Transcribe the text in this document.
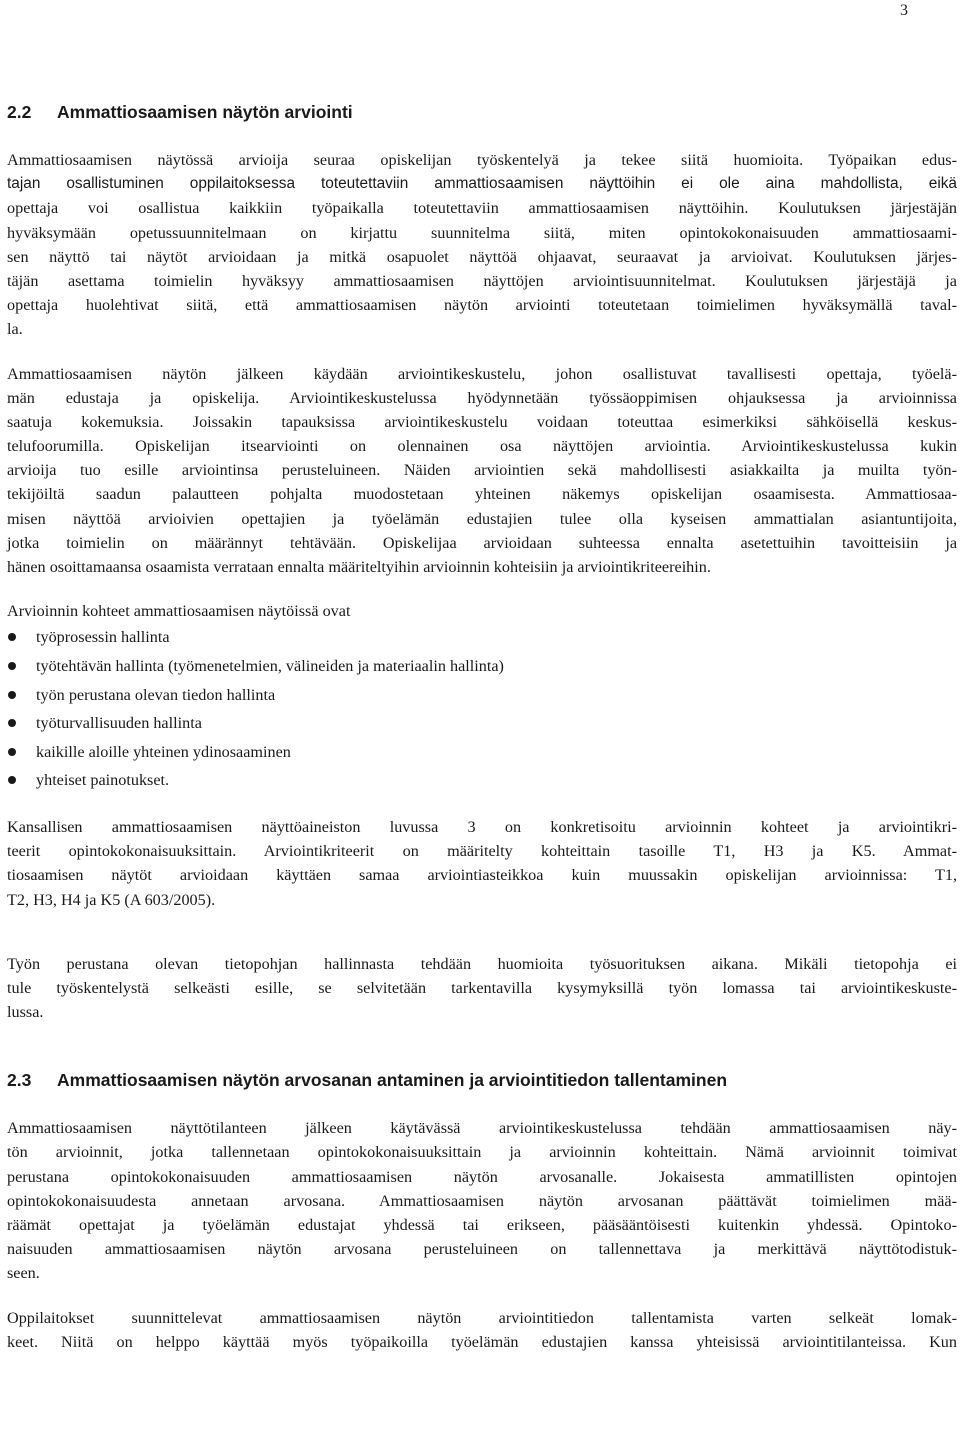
3
2.2 Ammattiosaamisen näytön arviointi
Ammattiosaamisen näytössä arvioija seuraa opiskelijan työskentelyä ja tekee siitä huomioita. Työpaikan edus-
tajan osallistuminen oppilaitoksessa toteutettaviin ammattiosaamisen näyttöihin ei ole aina mahdollista, eikä
opettaja voi osallistua kaikkiin työpaikalla toteutettaviin ammattiosaamisen näyttöihin. Koulutuksen järjestäjän
hyväksymään opetussuunnitelmaan on kirjattu suunnitelma siitä, miten opintokokonaisuuden ammattiosaami-
sen näyttö tai näytöt arvioidaan ja mitkä osapuolet näyttöä ohjaavat, seuraavat ja arvioivat. Koulutuksen järjes-
täjän asettama toimielin hyväksyy ammattiosaamisen näyttöjen arviointisuunnitelmat. Koulutuksen järjestäjä ja
opettaja huolehtivat siitä, että ammattiosaamisen näytön arviointi toteutetaan toimielimen hyväksymällä taval-
la.
Ammattiosaamisen näytön jälkeen käydään arviointikeskustelu, johon osallistuvat tavallisesti opettaja, työelä-
män edustaja ja opiskelija. Arviointikeskustelussa hyödynnetään työssäoppimisen ohjauksessa ja arvioinnissa
saatuja kokemuksia. Joissakin tapauksissa arviointikeskustelu voidaan toteuttaa esimerkiksi sähköisellä keskus-
telufoorumilla. Opiskelijan itsearviointi on olennainen osa näyttöjen arviointia. Arviointikeskustelussa kukin
arvioija tuo esille arviointinsa perusteluineen. Näiden arviointien sekä mahdollisesti asiakkailta ja muilta työn-
tekijöiltä saadun palautteen pohjalta muodostetaan yhteinen näkemys opiskelijan osaamisesta. Ammattiosaa-
misen näyttöä arvioivien opettajien ja työelämän edustajien tulee olla kyseisen ammattialan asiantuntijoita,
jotka toimielin on määrännyt tehtävään. Opiskelijaa arvioidaan suhteessa ennalta asetettuihin tavoitteisiin ja
hänen osoittamaansa osaamista verrataan ennalta määriteltyihin arvioinnin kohteisiin ja arviointikriteereihin.
Arvioinnin kohteet ammattiosaamisen näytöissä ovat
työprosessin hallinta
työtehtävän hallinta (työmenetelmien, välineiden ja materiaalin hallinta)
työn perustana olevan tiedon hallinta
työturvallisuuden hallinta
kaikille aloille yhteinen ydinosaaminen
yhteiset painotukset.
Kansallisen ammattiosaamisen näyttöaineiston luvussa 3 on konkretisoitu arvioinnin kohteet ja arviointikri-
teerit opintokokonaisuuksittain. Arviointikriteerit on määritelty kohteittain tasoille T1, H3 ja K5. Ammat-
tiosaamisen näytöt arvioidaan käyttäen samaa arviointiasteikkoa kuin muussakin opiskelijan arvioinnissa: T1,
T2, H3, H4 ja K5 (A 603/2005).
Työn perustana olevan tietopohjan hallinnasta tehdään huomioita työsuorituksen aikana. Mikäli tietopohja ei
tule työskentelystä selkeästi esille, se selvitetään tarkentavilla kysymyksillä työn lomassa tai arviointikeskuste-
lussa.
2.3 Ammattiosaamisen näytön arvosanan antaminen ja arviointitiedon tallentaminen
Ammattiosaamisen näyttötilanteen jälkeen käytävässä arviointikeskustelussa tehdään ammattiosaamisen näy-
tön arvioinnit, jotka tallennetaan opintokokonaisuuksittain ja arvioinnin kohteittain. Nämä arvioinnit toimivat
perustana opintokokonaisuuden ammattiosaamisen näytön arvosanalle. Jokaisesta ammatillisten opintojen
opintokokonaisuudesta annetaan arvosana. Ammattiosaamisen näytön arvosanan päättävät toimielimen mää-
räämät opettajat ja työelämän edustajat yhdessä tai erikseen, pääsääntöisesti kuitenkin yhdessä. Opintoko-
naisuuden ammattiosaamisen näytön arvosana perusteluineen on tallennettava ja merkittävä näyttötodistuk-
seen.
Oppilaitokset suunnittelevat ammattiosaamisen näytön arviointitiedon tallentamista varten selkeät lomak-
keet. Niitä on helppo käyttää myös työpaikoilla työelämän edustajien kanssa yhteisissä arviointitilanteissa. Kun
